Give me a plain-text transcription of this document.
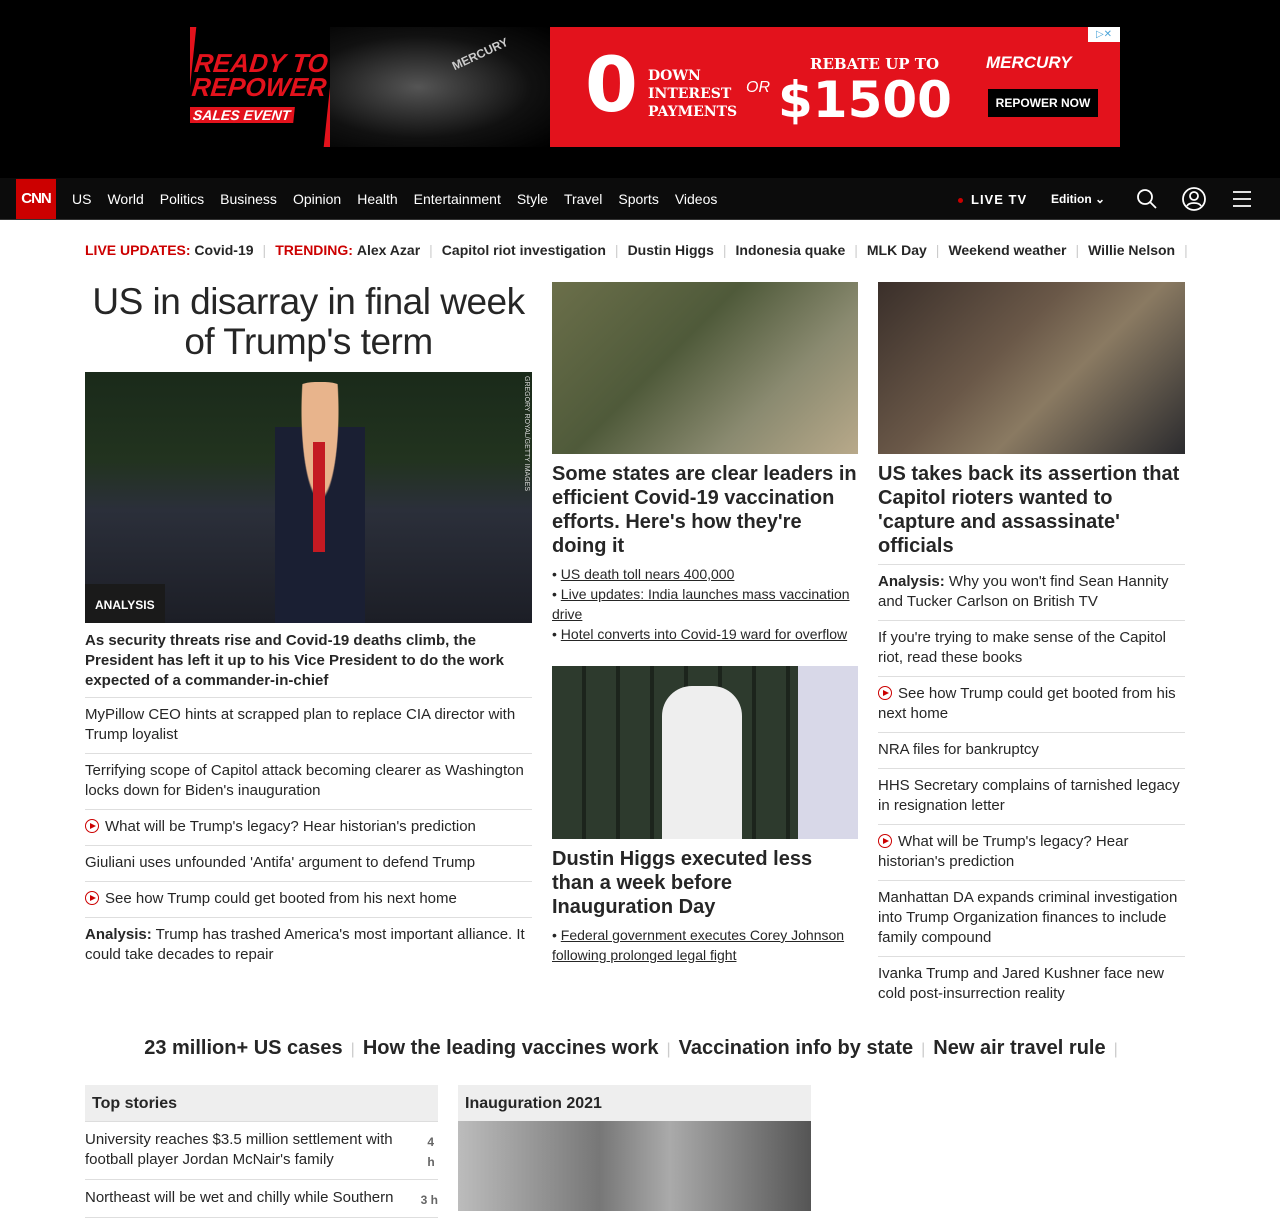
READY TO
REPOWER
SALES EVENT
MERCURY 0 DOWN
INTEREST
PAYMENTS
OR
REBATE UP TO
$1500
MERCURY
REPOWER NOW
▷✕
CNN	US World Politics Business Opinion Health Entertainment Style Travel Sports Videos	LIVE TV Edition ⌄
LIVE UPDATES:
Covid-19 | TRENDING:
Alex Azar | Capitol riot investigation | Dustin Higgs | Indonesia quake | MLK Day | Weekend weather | Willie Nelson |
US in disarray in final week of Trump's term
GREGORY ROYAL/GETTY IMAGES
ANALYSIS
As security threats rise and Covid-19 deaths climb, the President has left it up to his Vice President to do the work expected of a commander-in-chief
MyPillow CEO hints at scrapped plan to replace CIA director with Trump loyalist
Terrifying scope of Capitol attack becoming clearer as Washington locks down for Biden's inauguration
What will be Trump's legacy? Hear historian's prediction
Giuliani uses unfounded 'Antifa' argument to defend Trump
See how Trump could get booted from his next home
Analysis: Trump has trashed America's most important alliance. It could take decades to repair
Some states are clear leaders in efficient Covid-19 vaccination efforts. Here's how they're doing it
• US death toll nears 400,000
• Live updates: India launches mass vaccination drive
• Hotel converts into Covid-19 ward for overflow
Dustin Higgs executed less than a week before Inauguration Day
• Federal government executes Corey Johnson following prolonged legal fight
US takes back its assertion that Capitol rioters wanted to 'capture and assassinate' officials
Analysis: Why you won't find Sean Hannity and Tucker Carlson on British TV
If you're trying to make sense of the Capitol riot, read these books
See how Trump could get booted from his next home
NRA files for bankruptcy
HHS Secretary complains of tarnished legacy in resignation letter
What will be Trump's legacy? Hear historian's prediction
Manhattan DA expands criminal investigation into Trump Organization finances to include family compound
Ivanka Trump and Jared Kushner face new cold post-insurrection reality
23 million+ US cases | How the leading vaccines work | Vaccination info by state | New air travel rule |
Top stories
University reaches $3.5 million settlement with football player Jordan McNair's family
4 h
Northeast will be wet and chilly while Southern 3 h
Inauguration 2021
